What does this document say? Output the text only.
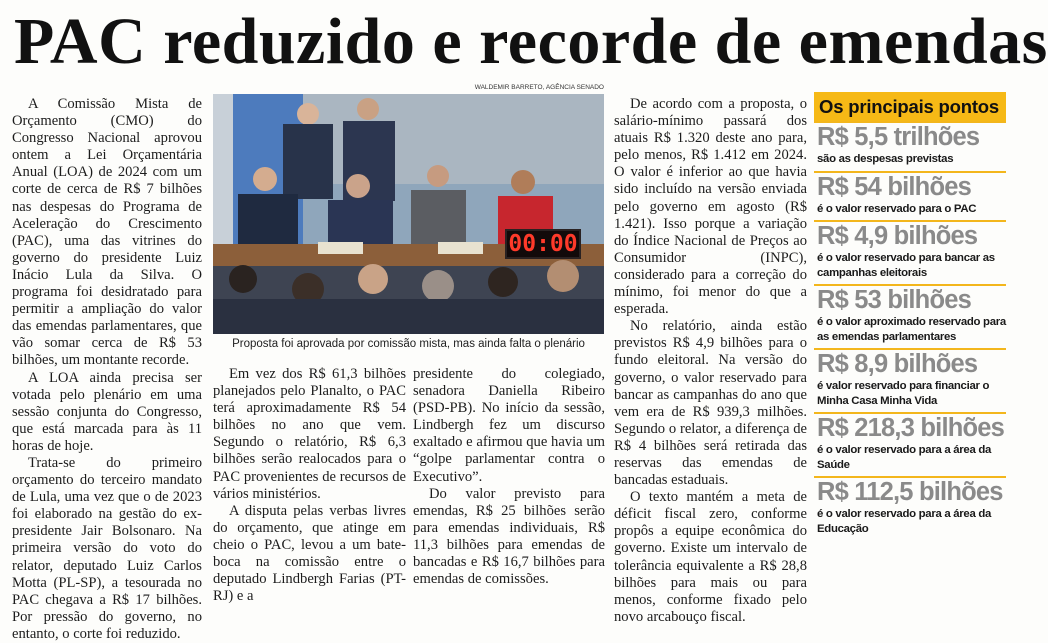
PAC reduzido e recorde de emendas

A Comissão Mista de Orçamento (CMO) do Congresso Nacional aprovou ontem a Lei Orçamentária Anual (LOA) de 2024 com um corte de cerca de R$ 7 bilhões nas despesas do Programa de Aceleração do Crescimento (PAC), uma das vitrines do governo do presidente Luiz Inácio Lula da Silva. O programa foi desidratado para permitir a ampliação do valor das emendas parlamentares, que vão somar cerca de R$ 53 bilhões, um montante recorde.

A LOA ainda precisa ser votada pelo plenário em uma sessão conjunta do Congresso, que está marcada para às 11 horas de hoje.

Trata-se do primeiro orçamento do terceiro mandato de Lula, uma vez que o de 2023 foi elaborado na gestão do ex-presidente Jair Bolsonaro. Na primeira versão do voto do relator, deputado Luiz Carlos Motta (PL-SP), a tesourada no PAC chegava a R$ 17 bilhões. Por pressão do governo, no entanto, o corte foi reduzido.

WALDEMIR BARRETO, AGÊNCIA SENADO
00:00
Proposta foi aprovada por comissão mista, mas ainda falta o plenário

Em vez dos R$ 61,3 bilhões planejados pelo Planalto, o PAC terá aproximadamente R$ 54 bilhões no ano que vem. Segundo o relatório, R$ 6,3 bilhões serão realocados para o PAC provenientes de recursos de vários ministérios.

A disputa pelas verbas livres do orçamento, que atinge em cheio o PAC, levou a um bate-boca na comissão entre o deputado Lindbergh Farias (PT-RJ) e a

presidente do colegiado, senadora Daniella Ribeiro (PSD-PB). No início da sessão, Lindbergh fez um discurso exaltado e afirmou que havia um “golpe parlamentar contra o Executivo”.

Do valor previsto para emendas, R$ 25 bilhões serão para emendas individuais, R$ 11,3 bilhões para emendas de bancadas e R$ 16,7 bilhões para emendas de comissões.

De acordo com a proposta, o salário-mínimo passará dos atuais R$ 1.320 deste ano para, pelo menos, R$ 1.412 em 2024. O valor é inferior ao que havia sido incluído na versão enviada pelo governo em agosto (R$ 1.421). Isso porque a variação do Índice Nacional de Preços ao Consumidor (INPC), considerado para a correção do mínimo, foi menor do que a esperada.

No relatório, ainda estão previstos R$ 4,9 bilhões para o fundo eleitoral. Na versão do governo, o valor reservado para bancar as campanhas do ano que vem era de R$ 939,3 milhões. Segundo o relator, a diferença de R$ 4 bilhões será retirada das reservas das emendas de bancadas estaduais.

O texto mantém a meta de déficit fiscal zero, conforme propôs a equipe econômica do governo. Existe um intervalo de tolerância equivalente a R$ 28,8 bilhões para mais ou para menos, conforme fixado pelo novo arcabouço fiscal.

Os principais pontos
R$ 5,5 trilhões
são as despesas previstas
R$ 54 bilhões
é o valor reservado para o PAC
R$ 4,9 bilhões
é o valor reservado para bancar as campanhas eleitorais
R$ 53 bilhões
é o valor aproximado reservado para as emendas parlamentares
R$ 8,9 bilhões
é valor reservado para financiar o Minha Casa Minha Vida
R$ 218,3 bilhões
é o valor reservado para a área da Saúde
R$ 112,5 bilhões
é o valor reservado para a área da Educação
